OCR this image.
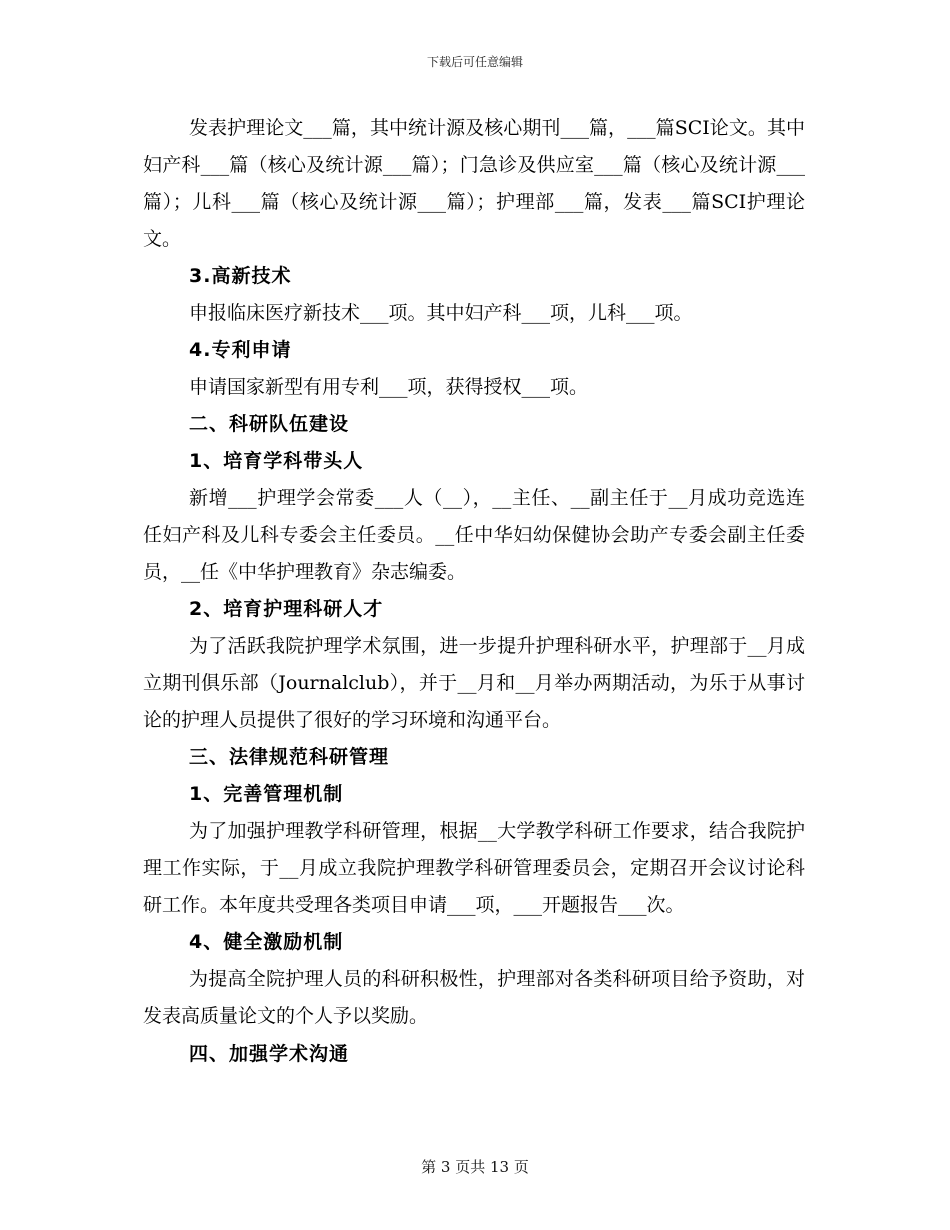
下载后可任意编辑

发表护理论文___篇，其中统计源及核心期刊___篇，___篇SCI论文。其中妇产科___篇（核心及统计源___篇）；门急诊及供应室___篇（核心及统计源___篇）；儿科___篇（核心及统计源___篇）；护理部___篇，发表___篇SCI护理论文。

3.高新技术

申报临床医疗新技术___项。其中妇产科___项，儿科___项。

4.专利申请

申请国家新型有用专利___项，获得授权___项。

二、科研队伍建设

1、培育学科带头人

新增___护理学会常委___人（__），__主任、__副主任于__月成功竞选连任妇产科及儿科专委会主任委员。__任中华妇幼保健协会助产专委会副主任委员，__任《中华护理教育》杂志编委。

2、培育护理科研人才

为了活跃我院护理学术氛围，进一步提升护理科研水平，护理部于__月成立期刊俱乐部（Journalclub），并于__月和__月举办两期活动，为乐于从事讨论的护理人员提供了很好的学习环境和沟通平台。

三、法律规范科研管理

1、完善管理机制

为了加强护理教学科研管理，根据__大学教学科研工作要求，结合我院护理工作实际，于__月成立我院护理教学科研管理委员会，定期召开会议讨论科研工作。本年度共受理各类项目申请___项，___开题报告___次。

4、健全激励机制

为提高全院护理人员的科研积极性，护理部对各类科研项目给予资助，对发表高质量论文的个人予以奖励。

四、加强学术沟通

第 3 页共 13 页
